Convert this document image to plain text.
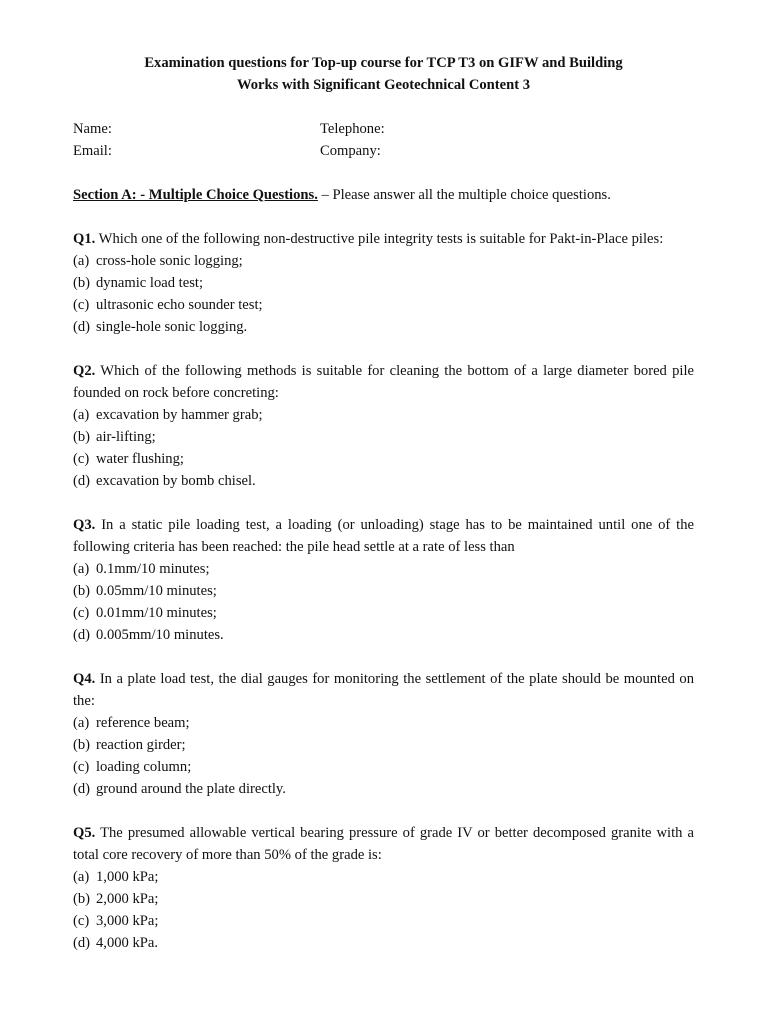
Examination questions for Top-up course for TCP T3 on GIFW and Building

Works with Significant Geotechnical Content 3

Name:	Telephone:
Email:	Company:
Section A: - Multiple Choice Questions. – Please answer all the multiple choice questions.

Q1. Which one of the following non-destructive pile integrity tests is suitable for Pakt-in-Place piles:

(a) cross-hole sonic logging;

(b) dynamic load test;

(c) ultrasonic echo sounder test;

(d) single-hole sonic logging.

Q2. Which of the following methods is suitable for cleaning the bottom of a large diameter bored pile founded on rock before concreting:

(a) excavation by hammer grab;

(b) air-lifting;

(c) water flushing;

(d) excavation by bomb chisel.

Q3. In a static pile loading test, a loading (or unloading) stage has to be maintained until one of the following criteria has been reached: the pile head settle at a rate of less than

(a) 0.1mm/10 minutes;

(b) 0.05mm/10 minutes;

(c) 0.01mm/10 minutes;

(d) 0.005mm/10 minutes.

Q4. In a plate load test, the dial gauges for monitoring the settlement of the plate should be mounted on the:

(a) reference beam;

(b) reaction girder;

(c) loading column;

(d) ground around the plate directly.

Q5. The presumed allowable vertical bearing pressure of grade IV or better decomposed granite with a total core recovery of more than 50% of the grade is:

(a) 1,000 kPa;

(b) 2,000 kPa;

(c) 3,000 kPa;

(d) 4,000 kPa.
